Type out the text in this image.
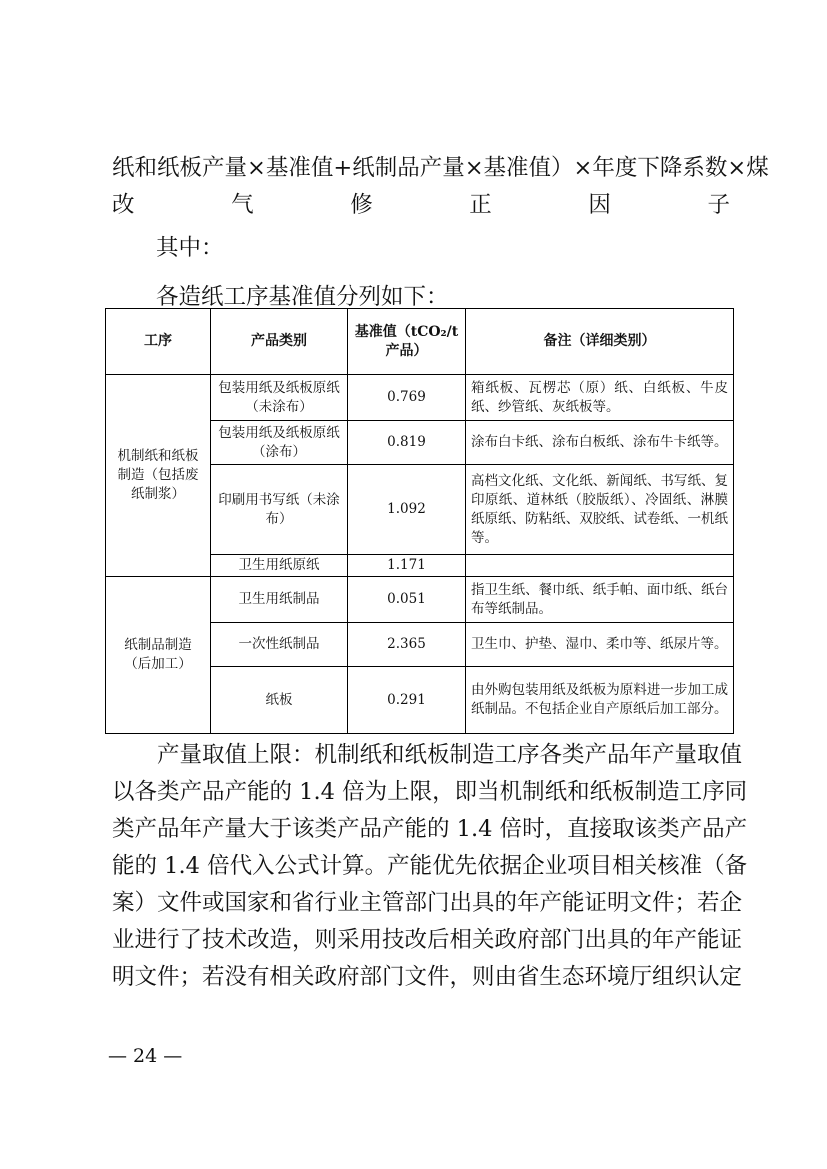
纸和纸板产量×基准值+纸制品产量×基准值）×年度下降系数×煤
改气修正因子

其中：

各造纸工序基准值分列如下：

工序	产品类别	基准值（tCO₂/t 产品）	备注（详细类别）
机制纸和纸板制造（包括废纸制浆）	包装用纸及纸板原纸（未涂布）	0.769	箱纸板、瓦楞芯（原）纸、白纸板、牛皮纸、纱管纸、灰纸板等。
	包装用纸及纸板原纸（涂布）	0.819	涂布白卡纸、涂布白板纸、涂布牛卡纸等。
	印刷用书写纸（未涂布）	1.092	高档文化纸、文化纸、新闻纸、书写纸、复印原纸、道林纸（胶版纸）、冷固纸、淋膜纸原纸、防粘纸、双胶纸、试卷纸、一机纸等。
	卫生用纸原纸	1.171	
纸制品制造（后加工）	卫生用纸制品	0.051	指卫生纸、餐巾纸、纸手帕、面巾纸、纸台布等纸制品。
	一次性纸制品	2.365	卫生巾、护垫、湿巾、柔巾等、纸尿片等。
	纸板	0.291	由外购包装用纸及纸板为原料进一步加工成纸制品。不包括企业自产原纸后加工部分。
产量取值上限：机制纸和纸板制造工序各类产品年产量取值
以各类产品产能的 1.4 倍为上限，即当机制纸和纸板制造工序同
类产品年产量大于该类产品产能的 1.4 倍时，直接取该类产品产
能的 1.4 倍代入公式计算。产能优先依据企业项目相关核准（备
案）文件或国家和省行业主管部门出具的年产能证明文件；若企
业进行了技术改造，则采用技改后相关政府部门出具的年产能证
明文件；若没有相关政府部门文件，则由省生态环境厅组织认定
— 24 —
